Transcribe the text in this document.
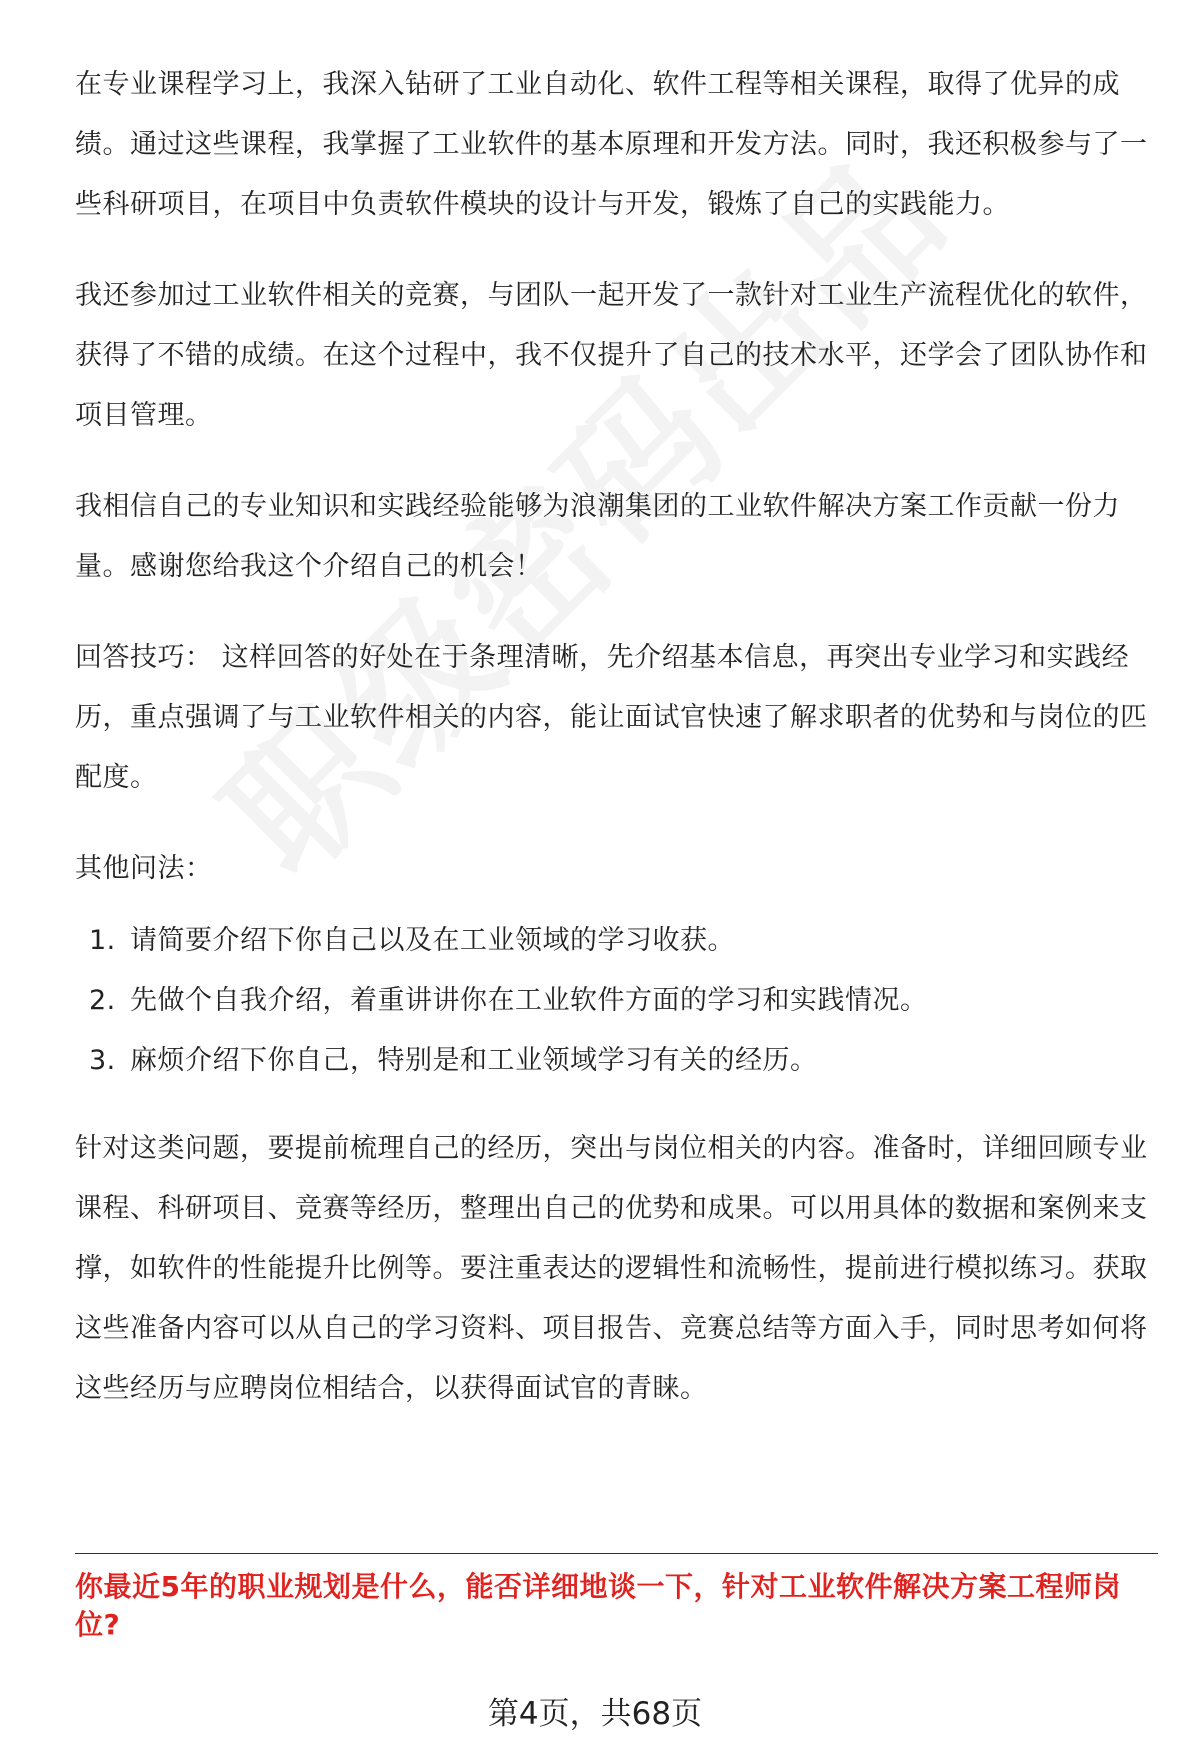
在专业课程学习上，我深入钻研了工业自动化、软件工程等相关课程，取得了优异的成绩。通过这些课程，我掌握了工业软件的基本原理和开发方法。同时，我还积极参与了一些科研项目，在项目中负责软件模块的设计与开发，锻炼了自己的实践能力。

我还参加过工业软件相关的竞赛，与团队一起开发了一款针对工业生产流程优化的软件，获得了不错的成绩。在这个过程中，我不仅提升了自己的技术水平，还学会了团队协作和项目管理。

我相信自己的专业知识和实践经验能够为浪潮集团的工业软件解决方案工作贡献一份力量。感谢您给我这个介绍自己的机会！

回答技巧： 这样回答的好处在于条理清晰，先介绍基本信息，再突出专业学习和实践经历，重点强调了与工业软件相关的内容，能让面试官快速了解求职者的优势和与岗位的匹配度。

其他问法：

1. 请简要介绍下你自己以及在工业领域的学习收获。
2. 先做个自我介绍，着重讲讲你在工业软件方面的学习和实践情况。
3. 麻烦介绍下你自己，特别是和工业领域学习有关的经历。

针对这类问题，要提前梳理自己的经历，突出与岗位相关的内容。准备时，详细回顾专业课程、科研项目、竞赛等经历，整理出自己的优势和成果。可以用具体的数据和案例来支撑，如软件的性能提升比例等。要注重表达的逻辑性和流畅性，提前进行模拟练习。获取这些准备内容可以从自己的学习资料、项目报告、竞赛总结等方面入手，同时思考如何将这些经历与应聘岗位相结合，以获得面试官的青睐。

你最近5年的职业规划是什么，能否详细地谈一下，针对工业软件解决方案工程师岗位?
第4页，共68页
